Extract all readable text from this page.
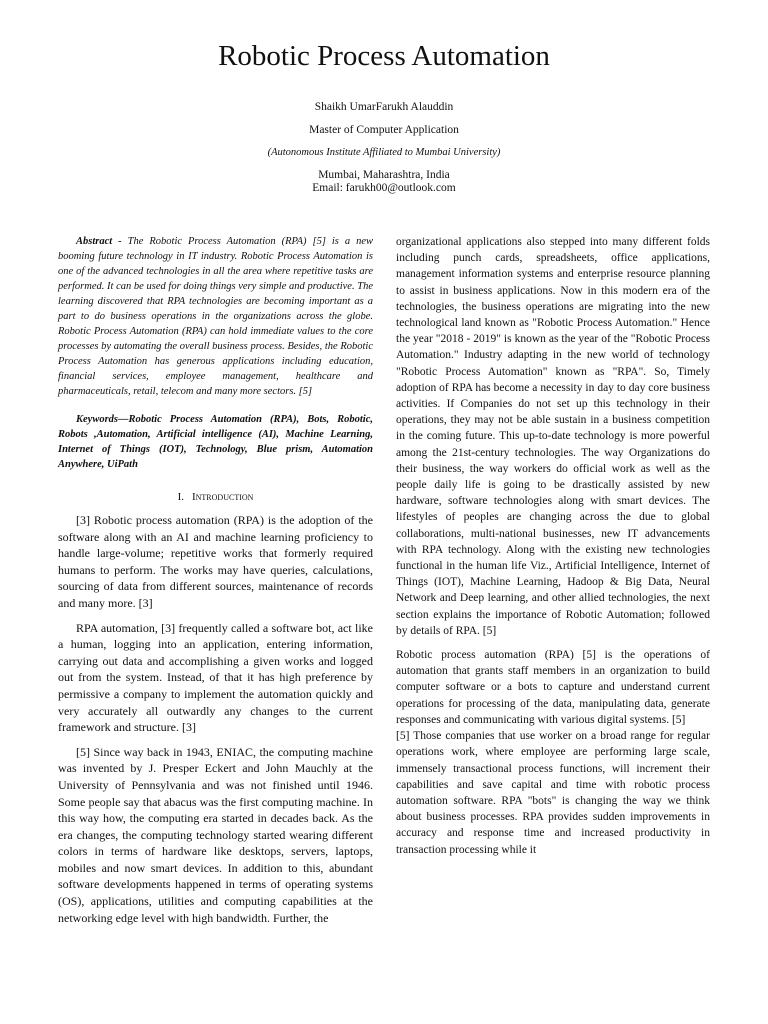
Robotic Process Automation
Shaikh UmarFarukh Alauddin
Master of Computer Application
(Autonomous Institute Affiliated to Mumbai University)
Mumbai, Maharashtra, India
Email: farukh00@outlook.com

Abstract - The Robotic Process Automation (RPA) [5] is a new booming future technology in IT industry. Robotic Process Automation is one of the advanced technologies in all the area where repetitive tasks are performed. It can be used for doing things very simple and productive. The learning discovered that RPA technologies are becoming important as a part to do business operations in the organizations across the globe. Robotic Process Automation (RPA) can hold immediate values to the core processes by automating the overall business process. Besides, the Robotic Process Automation has generous applications including education, financial services, employee management, healthcare and pharmaceuticals, retail, telecom and many more sectors. [5]

Keywords—Robotic Process Automation (RPA), Bots, Robotic, Robots ,Automation, Artificial intelligence (AI), Machine Learning, Internet of Things (IOT), Technology, Blue prism, Automation Anywhere, UiPath

I. Introduction

[3] Robotic process automation (RPA) is the adoption of the software along with an AI and machine learning proficiency to handle large-volume; repetitive works that formerly required humans to perform. The works may have queries, calculations, sourcing of data from different sources, maintenance of records and many more. [3]

RPA automation, [3] frequently called a software bot, act like a human, logging into an application, entering information, carrying out data and accomplishing a given works and logged out from the system. Instead, of that it has high preference by permissive a company to implement the automation quickly and very accurately all outwardly any changes to the current framework and structure. [3]

[5] Since way back in 1943, ENIAC, the computing machine was invented by J. Presper Eckert and John Mauchly at the University of Pennsylvania and was not finished until 1946. Some people say that abacus was the first computing machine. In this way how, the computing era started in decades back. As the era changes, the computing technology started wearing different colors in terms of hardware like desktops, servers, laptops, mobiles and now smart devices. In addition to this, abundant software developments happened in terms of operating systems (OS), applications, utilities and computing capabilities at the networking edge level with high bandwidth. Further, the

organizational applications also stepped into many different folds including punch cards, spreadsheets, office applications, management information systems and enterprise resource planning to assist in business applications. Now in this modern era of the technologies, the business operations are migrating into the new technological land known as "Robotic Process Automation." Hence the year "2018 - 2019" is known as the year of the "Robotic Process Automation." Industry adapting in the new world of technology "Robotic Process Automation" known as "RPA". So, Timely adoption of RPA has become a necessity in day to day core business activities. If Companies do not set up this technology in their operations, they may not be able sustain in a business competition in the coming future. This up-to-date technology is more powerful among the 21st-century technologies. The way Organizations do their business, the way workers do official work as well as the people daily life is going to be drastically assisted by new hardware, software technologies along with smart devices. The lifestyles of peoples are changing across the due to global collaborations, multi-national businesses, new IT advancements with RPA technology. Along with the existing new technologies functional in the human life Viz., Artificial Intelligence, Internet of Things (IOT), Machine Learning, Hadoop & Big Data, Neural Network and Deep learning, and other allied technologies, the next section explains the importance of Robotic Automation; followed by details of RPA. [5]

Robotic process automation (RPA) [5] is the operations of automation that grants staff members in an organization to build computer software or a bots to capture and understand current operations for processing of the data, manipulating data, generate responses and communicating with various digital systems. [5]

[5] Those companies that use worker on a broad range for regular operations work, where employee are performing large scale, immensely transactional process functions, will increment their capabilities and save capital and time with robotic process automation software. RPA "bots" is changing the way we think about business processes. RPA provides sudden improvements in accuracy and response time and increased productivity in transaction processing while it
